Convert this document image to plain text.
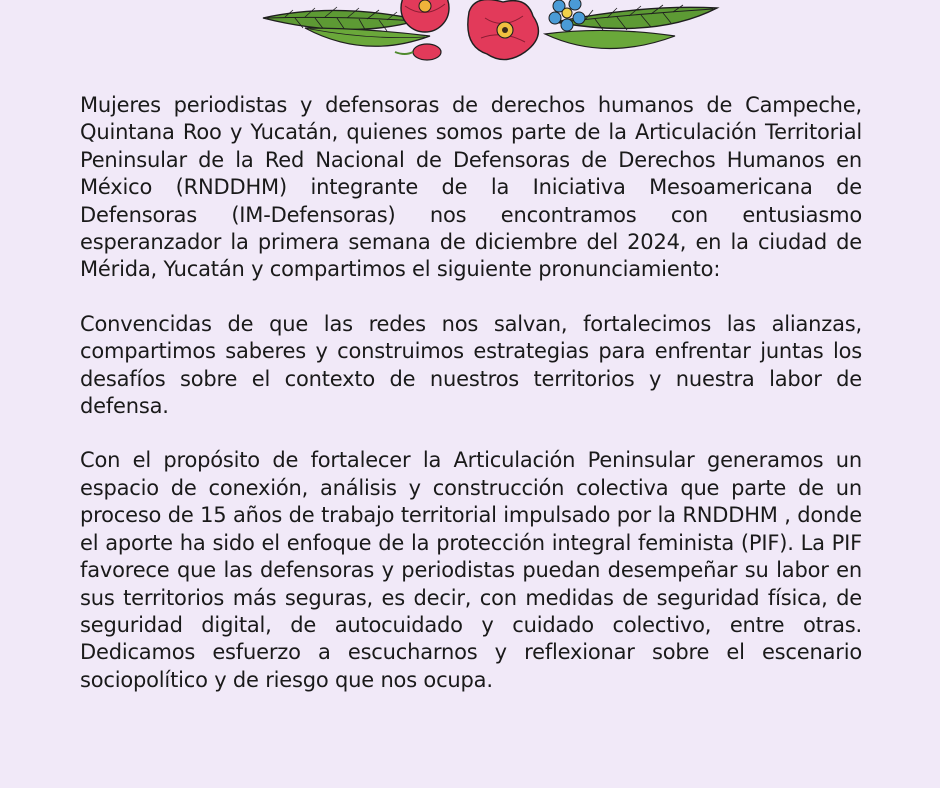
Mujeres periodistas y defensoras de derechos humanos de Campeche, Quintana Roo y Yucatán, quienes somos parte de la Articulación Territorial Peninsular de la Red Nacional de Defensoras de Derechos Humanos en México (RNDDHM) integrante de la Iniciativa Mesoamericana de Defensoras (IM-Defensoras) nos encontramos con entusiasmo esperanzador la primera semana de diciembre del 2024, en la ciudad de Mérida, Yucatán y compartimos el siguiente pronunciamiento:

Convencidas de que las redes nos salvan, fortalecimos las alianzas, compartimos saberes y construimos estrategias para enfrentar juntas los desafíos sobre el contexto de nuestros territorios y nuestra labor de defensa.

Con el propósito de fortalecer la Articulación Peninsular generamos un espacio de conexión, análisis y construcción colectiva que parte de un proceso de 15 años de trabajo territorial impulsado por la RNDDHM , donde el aporte ha sido el enfoque de la protección integral feminista (PIF). La PIF favorece que las defensoras y periodistas puedan desempeñar su labor en sus territorios más seguras, es decir, con medidas de seguridad física, de seguridad digital, de autocuidado y cuidado colectivo, entre otras. Dedicamos esfuerzo a escucharnos y reflexionar sobre el escenario sociopolítico y de riesgo que nos ocupa.
